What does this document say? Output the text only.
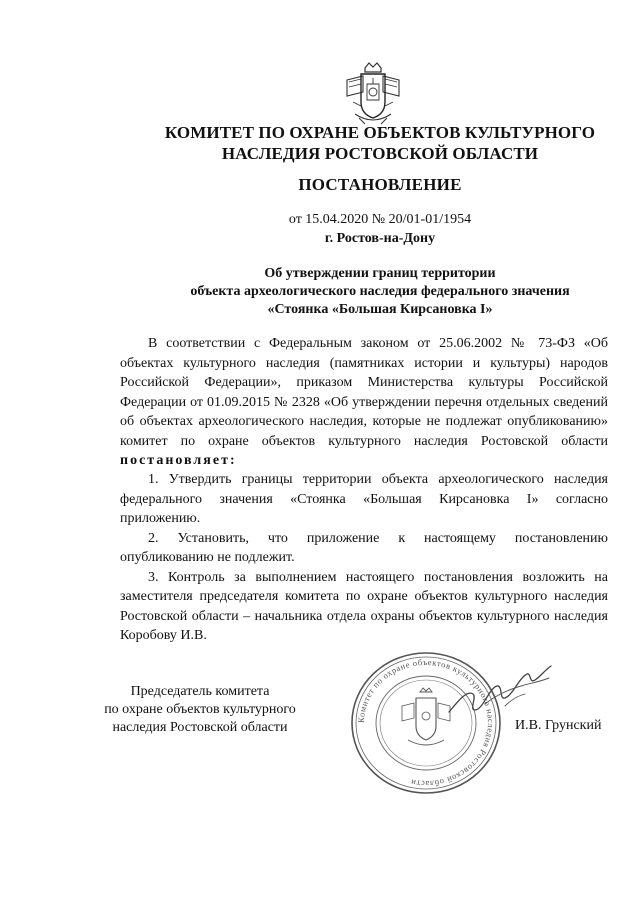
КОМИТЕТ ПО ОХРАНЕ ОБЪЕКТОВ КУЛЬТУРНОГО
НАСЛЕДИЯ РОСТОВСКОЙ ОБЛАСТИ
ПОСТАНОВЛЕНИЕ
от 15.04.2020 № 20/01-01/1954
г. Ростов-на-Дону
Об утверждении границ территории
объекта археологического наследия федерального значения
«Стоянка «Большая Кирсановка I»
В соответствии с Федеральным законом от 25.06.2002 № 73-ФЗ «Об объектах культурного наследия (памятниках истории и культуры) народов Российской Федерации», приказом Министерства культуры Российской Федерации от 01.09.2015 № 2328 «Об утверждении перечня отдельных сведений об объектах археологического наследия, которые не подлежат опубликованию» комитет по охране объектов культурного наследия Ростовской области постановляет:

1. Утвердить границы территории объекта археологического наследия федерального значения «Стоянка «Большая Кирсановка I» согласно приложению.

2. Установить, что приложение к настоящему постановлению опубликованию не подлежит.

3. Контроль за выполнением настоящего постановления возложить на заместителя председателя комитета по охране объектов культурного наследия Ростовской области – начальника отдела охраны объектов культурного наследия Коробову И.В.

Председатель комитета
по охране объектов культурного
наследия Ростовской области
Комитет по охране объектов культурного наследия Ростовской области
И.В. Грунский
